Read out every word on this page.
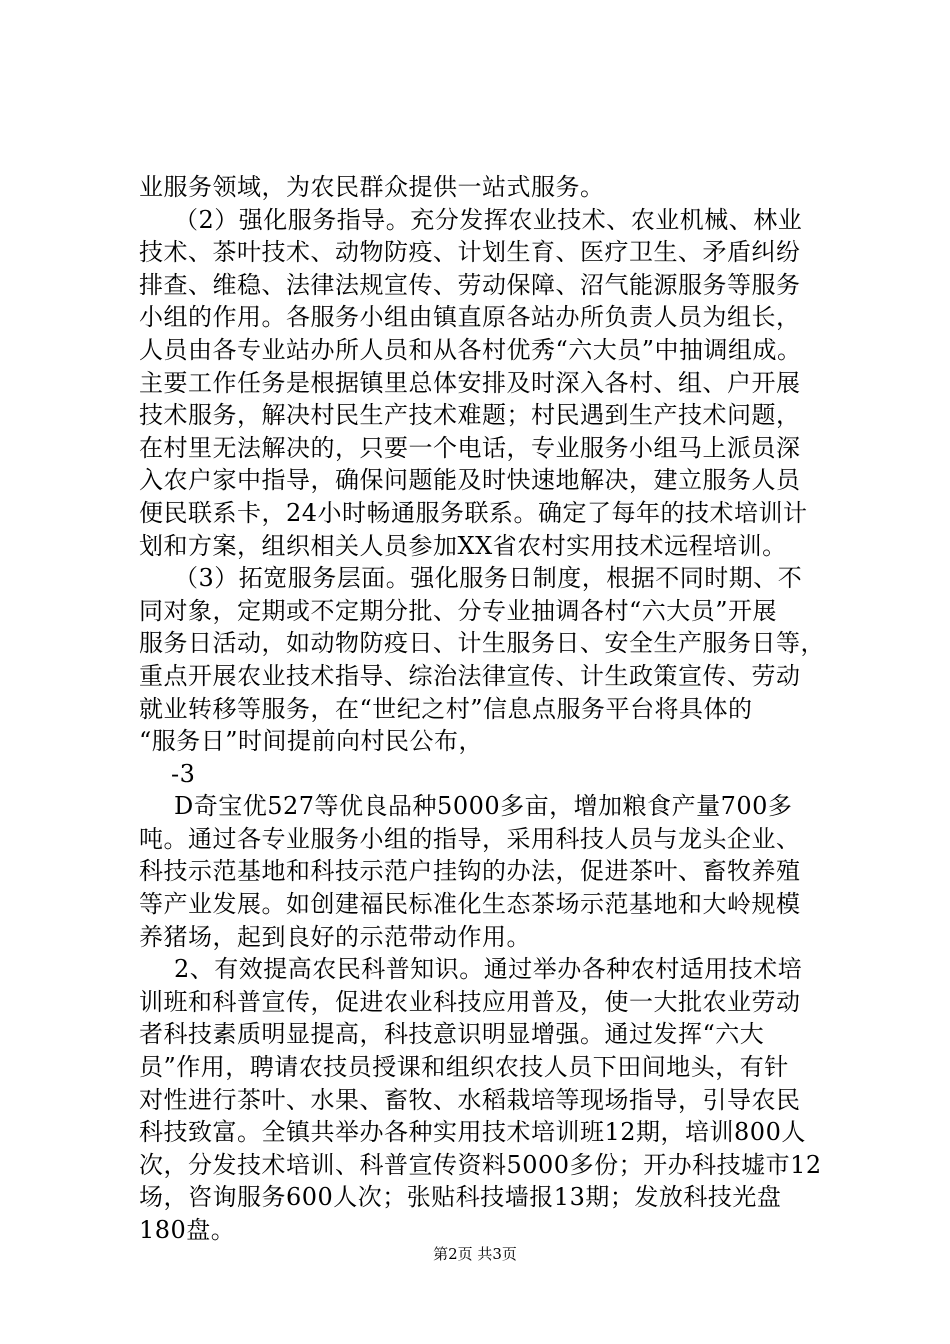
业服务领域，为农民群众提供一站式服务。
（2）强化服务指导。充分发挥农业技术、农业机械、林业
技术、茶叶技术、动物防疫、计划生育、医疗卫生、矛盾纠纷
排查、维稳、法律法规宣传、劳动保障、沼气能源服务等服务
小组的作用。各服务小组由镇直原各站办所负责人员为组长，
人员由各专业站办所人员和从各村优秀“六大员”中抽调组成。
主要工作任务是根据镇里总体安排及时深入各村、组、户开展
技术服务，解决村民生产技术难题；村民遇到生产技术问题，
在村里无法解决的，只要一个电话，专业服务小组马上派员深
入农户家中指导，确保问题能及时快速地解决，建立服务人员
便民联系卡，24小时畅通服务联系。确定了每年的技术培训计
划和方案，组织相关人员参加XX省农村实用技术远程培训。
（3）拓宽服务层面。强化服务日制度，根据不同时期、不
同对象，定期或不定期分批、分专业抽调各村“六大员”开展
服务日活动，如动物防疫日、计生服务日、安全生产服务日等，
重点开展农业技术指导、综治法律宣传、计生政策宣传、劳动
就业转移等服务，在“世纪之村”信息点服务平台将具体的
“服务日”时间提前向村民公布，
-3
D奇宝优527等优良品种5000多亩，增加粮食产量700多
吨。通过各专业服务小组的指导，采用科技人员与龙头企业、
科技示范基地和科技示范户挂钩的办法，促进茶叶、畜牧养殖
等产业发展。如创建福民标准化生态茶场示范基地和大岭规模
养猪场，起到良好的示范带动作用。
2、有效提高农民科普知识。通过举办各种农村适用技术培
训班和科普宣传，促进农业科技应用普及，使一大批农业劳动
者科技素质明显提高，科技意识明显增强。通过发挥“六大
员”作用，聘请农技员授课和组织农技人员下田间地头，有针
对性进行茶叶、水果、畜牧、水稻栽培等现场指导，引导农民
科技致富。全镇共举办各种实用技术培训班12期，培训800人
次，分发技术培训、科普宣传资料5000多份；开办科技墟市12
场，咨询服务600人次；张贴科技墙报13期；发放科技光盘
180盘。
第2页 共3页
